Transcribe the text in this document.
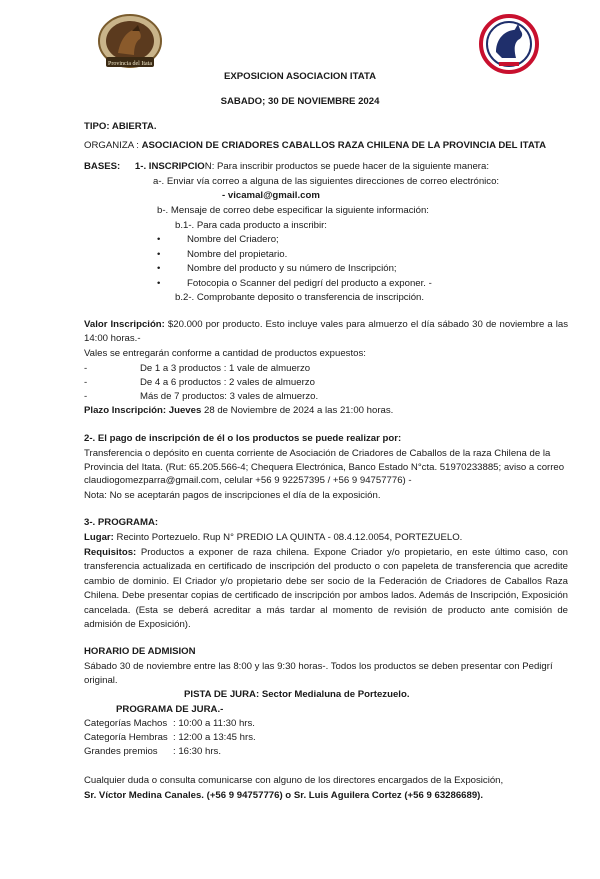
Provincia del Itata
EXPOSICION ASOCIACION ITATA
SABADO; 30 DE NOVIEMBRE 2024
TIPO: ABIERTA.
ORGANIZA : ASOCIACION DE CRIADORES CABALLOS RAZA CHILENA DE LA PROVINCIA DEL ITATA
BASES: 1-. INSCRIPCION: Para inscribir productos se puede hacer de la siguiente manera:
a-. Enviar vía correo a alguna de las siguientes direcciones de correo electrónico:
- vicamal@gmail.com
b-. Mensaje de correo debe especificar la siguiente información:
b.1-. Para cada producto a inscribir:
•	Nombre del Criadero;
•	Nombre del propietario.
•	Nombre del producto y su número de Inscripción;
•	Fotocopia o Scanner del pedigrí del producto a exponer. -
b.2-. Comprobante deposito o transferencia de inscripción.
Valor Inscripción: $20.000 por producto. Esto incluye vales para almuerzo el día sábado 30 de noviembre a las 14:00 horas.-
Vales se entregarán conforme a cantidad de productos expuestos:
-	De 1 a 3 productos : 1 vale de almuerzo
-	De 4 a 6 productos : 2 vales de almuerzo
-	Más de 7 productos: 3 vales de almuerzo.
Plazo Inscripción: Jueves 28 de Noviembre de 2024 a las 21:00 horas.
2-. El pago de inscripción de él o los productos se puede realizar por:
Transferencia o depósito en cuenta corriente de Asociación de Criadores de Caballos de la raza Chilena de la Provincia del Itata. (Rut: 65.205.566-4; Chequera Electrónica, Banco Estado N°cta. 51970233885; aviso a correo claudiogomezparra@gmail.com, celular +56 9 92257395 / +56 9 94757776) -
Nota: No se aceptarán pagos de inscripciones el día de la exposición.
3-. PROGRAMA:
Lugar: Recinto Portezuelo. Rup N° PREDIO LA QUINTA - 08.4.12.0054, PORTEZUELO.
Requisitos: Productos a exponer de raza chilena. Expone Criador y/o propietario, en este último caso, con transferencia actualizada en certificado de inscripción del producto o con papeleta de transferencia que acredite cambio de dominio. El Criador y/o propietario debe ser socio de la Federación de Criadores de Caballos Raza Chilena. Debe presentar copias de certificado de inscripción por ambos lados. Además de Inscripción, Exposición cancelada. (Esta se deberá acreditar a más tardar al momento de revisión de producto ante comisión de admisión de Exposición).
HORARIO DE ADMISION
Sábado 30 de noviembre entre las 8:00 y las 9:30 horas-. Todos los productos se deben presentar con Pedigrí original.
PISTA DE JURA: Sector Medialuna de Portezuelo.
PROGRAMA DE JURA.-
Categorías Machos : 10:00 a 11:30 hrs.
Categoría Hembras : 12:00 a 13:45 hrs.
Grandes premios : 16:30 hrs.
Cualquier duda o consulta comunicarse con alguno de los directores encargados de la Exposición,
Sr. Víctor Medina Canales. (+56 9 94757776) o Sr. Luis Aguilera Cortez (+56 9 63286689).
